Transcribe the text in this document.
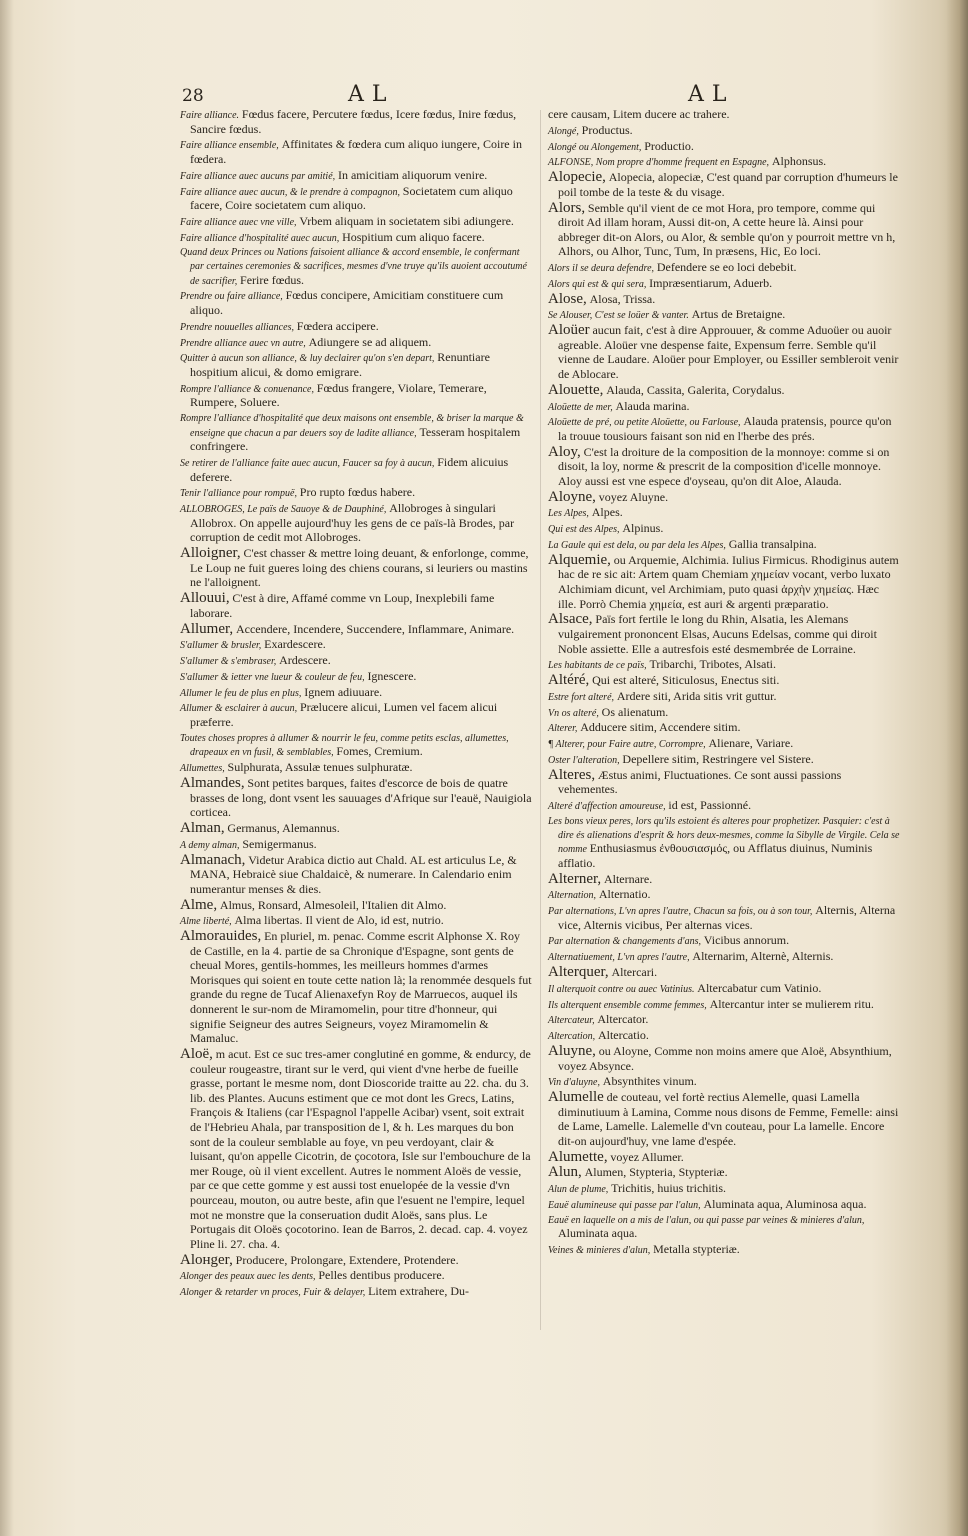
28	AL	AL

Faire alliance. Fœdus facere, Percutere fœdus, Icere fœdus, Inire fœdus, Sancire fœdus.

Faire alliance ensemble, Affinitates & fœdera cum aliquo iungere, Coire in fœdera.

Faire alliance auec aucuns par amitié, In amicitiam aliquorum venire.

Faire alliance auec aucun, & le prendre à compagnon, Societatem cum aliquo facere, Coire societatem cum aliquo.

Faire alliance auec vne ville, Vrbem aliquam in societatem sibi adiungere.

Faire alliance d'hospitalité auec aucun, Hospitium cum aliquo facere.

Quand deux Princes ou Nations faisoient alliance & accord ensemble, le confermant par certaines ceremonies & sacrifices, mesmes d'vne truye qu'ils auoient accoutumé de sacrifier, Ferire fœdus.

Prendre ou faire alliance, Fœdus concipere, Amicitiam constituere cum aliquo.

Prendre nouuelles alliances, Fœdera accipere.

Prendre alliance auec vn autre, Adiungere se ad aliquem.

Quitter à aucun son alliance, & luy declairer qu'on s'en depart, Renuntiare hospitium alicui, & domo emigrare.

Rompre l'alliance & conuenance, Fœdus frangere, Violare, Temerare, Rumpere, Soluere.

Rompre l'alliance d'hospitalité que deux maisons ont ensemble, & briser la marque & enseigne que chacun a par deuers soy de ladite alliance, Tesseram hospitalem confringere.

Se retirer de l'alliance faite auec aucun, Faucer sa foy à aucun, Fidem alicuius deferere.

Tenir l'alliance pour rompuë, Pro rupto fœdus habere.

ALLOBROGES, Le païs de Sauoye & de Dauphiné, Allobroges à singulari Allobrox. On appelle aujourd'huy les gens de ce païs-là Brodes, par corruption de cedit mot Allobroges.

Alloigner, C'est chasser & mettre loing deuant, & enforlonge, comme, Le Loup ne fuit gueres loing des chiens courans, si leuriers ou mastins ne l'alloignent.

Allouui, C'est à dire, Affamé comme vn Loup, Inexplebili fame laborare.

Allumer, Accendere, Incendere, Succendere, Inflammare, Animare.

S'allumer & brusler, Exardescere.

S'allumer & s'embraser, Ardescere.

S'allumer & ietter vne lueur & couleur de feu, Ignescere.

Allumer le feu de plus en plus, Ignem adiuuare.

Allumer & esclairer à aucun, Prælucere alicui, Lumen vel facem alicui præferre.

Toutes choses propres à allumer & nourrir le feu, comme petits esclas, allumettes, drapeaux en vn fusil, & semblables, Fomes, Cremium.

Allumettes, Sulphurata, Assulæ tenues sulphuratæ.

Almandes, Sont petites barques, faites d'escorce de bois de quatre brasses de long, dont vsent les sauuages d'Afrique sur l'eauë, Nauigiola corticea.

Alman, Germanus, Alemannus.

A demy alman, Semigermanus.

Almanach, Videtur Arabica dictio aut Chald. AL est articulus Le, & MANA, Hebraicè siue Chaldaicè, & numerare. In Calendario enim numerantur menses & dies.

Alme, Almus, Ronsard, Almesoleil, l'Italien dit Almo.

Alme liberté, Alma libertas. Il vient de Alo, id est, nutrio.

Almorauides, En pluriel, m. penac. Comme escrit Alphonse X. Roy de Castille, en la 4. partie de sa Chronique d'Espagne, sont gents de cheual Mores, gentils-hommes, les meilleurs hommes d'armes Morisques qui soient en toute cette nation là; la renommée desquels fut grande du regne de Tucaf Alienaxefyn Roy de Marruecos, auquel ils donnerent le sur-nom de Miramomelin, pour titre d'honneur, qui signifie Seigneur des autres Seigneurs, voyez Miramomelin & Mamaluc.

Aloë, m acut. Est ce suc tres-amer conglutiné en gomme, & endurcy, de couleur rougeastre, tirant sur le verd, qui vient d'vne herbe de fueille grasse, portant le mesme nom, dont Dioscoride traitte au 22. cha. du 3. lib. des Plantes. Aucuns estiment que ce mot dont les Grecs, Latins, François & Italiens (car l'Espagnol l'appelle Acibar) vsent, soit extrait de l'Hebrieu Ahala, par transposition de l, & h. Les marques du bon sont de la couleur semblable au foye, vn peu verdoyant, clair & luisant, qu'on appelle Cicotrin, de çocotora, Isle sur l'embouchure de la mer Rouge, où il vient excellent. Autres le nomment Aloës de vessie, par ce que cette gomme y est aussi tost enuelopée de la vessie d'vn pourceau, mouton, ou autre beste, afin que l'esuent ne l'empire, lequel mot ne monstre que la conseruation dudit Aloës, sans plus. Le Portugais dit Oloës çocotorino. Iean de Barros, 2. decad. cap. 4. voyez Pline li. 27. cha. 4.

Aloнger, Producere, Prolongare, Extendere, Protendere.

Alonger des peaux auec les dents, Pelles dentibus producere.

Alonger & retarder vn proces, Fuir & delayer, Litem extrahere, Du-

cere causam, Litem ducere ac trahere.

Alongé, Productus.

Alongé ou Alongement, Productio.

ALFONSE, Nom propre d'homme frequent en Espagne, Alphonsus.

Alopecie, Alopecia, alopeciæ, C'est quand par corruption d'humeurs le poil tombe de la teste & du visage.

Alors, Semble qu'il vient de ce mot Hora, pro tempore, comme qui diroit Ad illam horam, Aussi dit-on, A cette heure là. Ainsi pour abbreger dit-on Alors, ou Alor, & semble qu'on y pourroit mettre vn h, Alhors, ou Alhor, Tunc, Tum, In præsens, Hic, Eo loci.

Alors il se deura defendre, Defendere se eo loci debebit.

Alors qui est & qui sera, Impræsentiarum, Aduerb.

Alose, Alosa, Trissa.

Se Alouser, C'est se loüer & vanter. Artus de Bretaigne.

Aloüer aucun fait, c'est à dire Approuuer, & comme Aduoüer ou auoir agreable. Aloüer vne despense faite, Expensum ferre. Semble qu'il vienne de Laudare. Aloüer pour Employer, ou Essiller sembleroit venir de Ablocare.

Alouette, Alauda, Cassita, Galerita, Corydalus.

Aloüette de mer, Alauda marina.

Aloüette de pré, ou petite Aloüette, ou Farlouse, Alauda pratensis, pource qu'on la trouue tousiours faisant son nid en l'herbe des prés.

Aloy, C'est la droiture de la composition de la monnoye: comme si on disoit, la loy, norme & prescrit de la composition d'icelle monnoye. Aloy aussi est vne espece d'oyseau, qu'on dit Aloe, Alauda.

Aloyne, voyez Aluyne.

Les Alpes, Alpes.

Qui est des Alpes, Alpinus.

La Gaule qui est dela, ou par dela les Alpes, Gallia transalpina.

Alquemie, ou Arquemie, Alchimia. Iulius Firmicus. Rhodiginus autem hac de re sic ait: Artem quam Chemiam χημείαν vocant, verbo luxato Alchimiam dicunt, vel Archimiam, puto quasi ἀρχὴν χημείας. Hæc ille. Porrò Chemia χημεία, est auri & argenti præparatio.

Alsace, Païs fort fertile le long du Rhin, Alsatia, les Alemans vulgairement prononcent Elsas, Aucuns Edelsas, comme qui diroit Noble assiette. Elle a autresfois esté desmembrée de Lorraine.

Les habitants de ce païs, Tribarchi, Tribotes, Alsati.

Altéré, Qui est alteré, Siticulosus, Enectus siti.

Estre fort alteré, Ardere siti, Arida sitis vrit guttur.

Vn os alteré, Os alienatum.

Alterer, Adducere sitim, Accendere sitim.

¶ Alterer, pour Faire autre, Corrompre, Alienare, Variare.

Oster l'alteration, Depellere sitim, Restringere vel Sistere.

Alteres, Æstus animi, Fluctuationes. Ce sont aussi passions vehementes.

Alteré d'affection amoureuse, id est, Passionné.

Les bons vieux peres, lors qu'ils estoient és alteres pour prophetizer. Pasquier: c'est à dire és alienations d'esprit & hors deux-mesmes, comme la Sibylle de Virgile. Cela se nomme Enthusiasmus ἐνθουσιασμός, ou Afflatus diuinus, Numinis afflatio.

Alterner, Alternare.

Alternation, Alternatio.

Par alternations, L'vn apres l'autre, Chacun sa fois, ou à son tour, Alternis, Alterna vice, Alternis vicibus, Per alternas vices.

Par alternation & changements d'ans, Vicibus annorum.

Alternatiuement, L'vn apres l'autre, Alternarim, Alternè, Alternis.

Alterquer, Altercari.

Il alterquoit contre ou auec Vatinius. Altercabatur cum Vatinio.

Ils alterquent ensemble comme femmes, Altercantur inter se mulierem ritu.

Altercateur, Altercator.

Altercation, Altercatio.

Aluyne, ou Aloyne, Comme non moins amere que Aloë, Absynthium, voyez Absynce.

Vin d'aluyne, Absynthites vinum.

Alumelle de couteau, vel fortè rectius Alemelle, quasi Lamella diminutiuum à Lamina, Comme nous disons de Femme, Femelle: ainsi de Lame, Lamelle. Lalemelle d'vn couteau, pour La lamelle. Encore dit-on aujourd'huy, vne lame d'espée.

Alumette, voyez Allumer.

Alun, Alumen, Stypteria, Stypteriæ.

Alun de plume, Trichitis, huius trichitis.

Eauë alumineuse qui passe par l'alun, Aluminata aqua, Aluminosa aqua.

Eauë en laquelle on a mis de l'alun, ou qui passe par veines & minieres d'alun, Aluminata aqua.

Veines & minieres d'alun, Metalla stypteriæ.
